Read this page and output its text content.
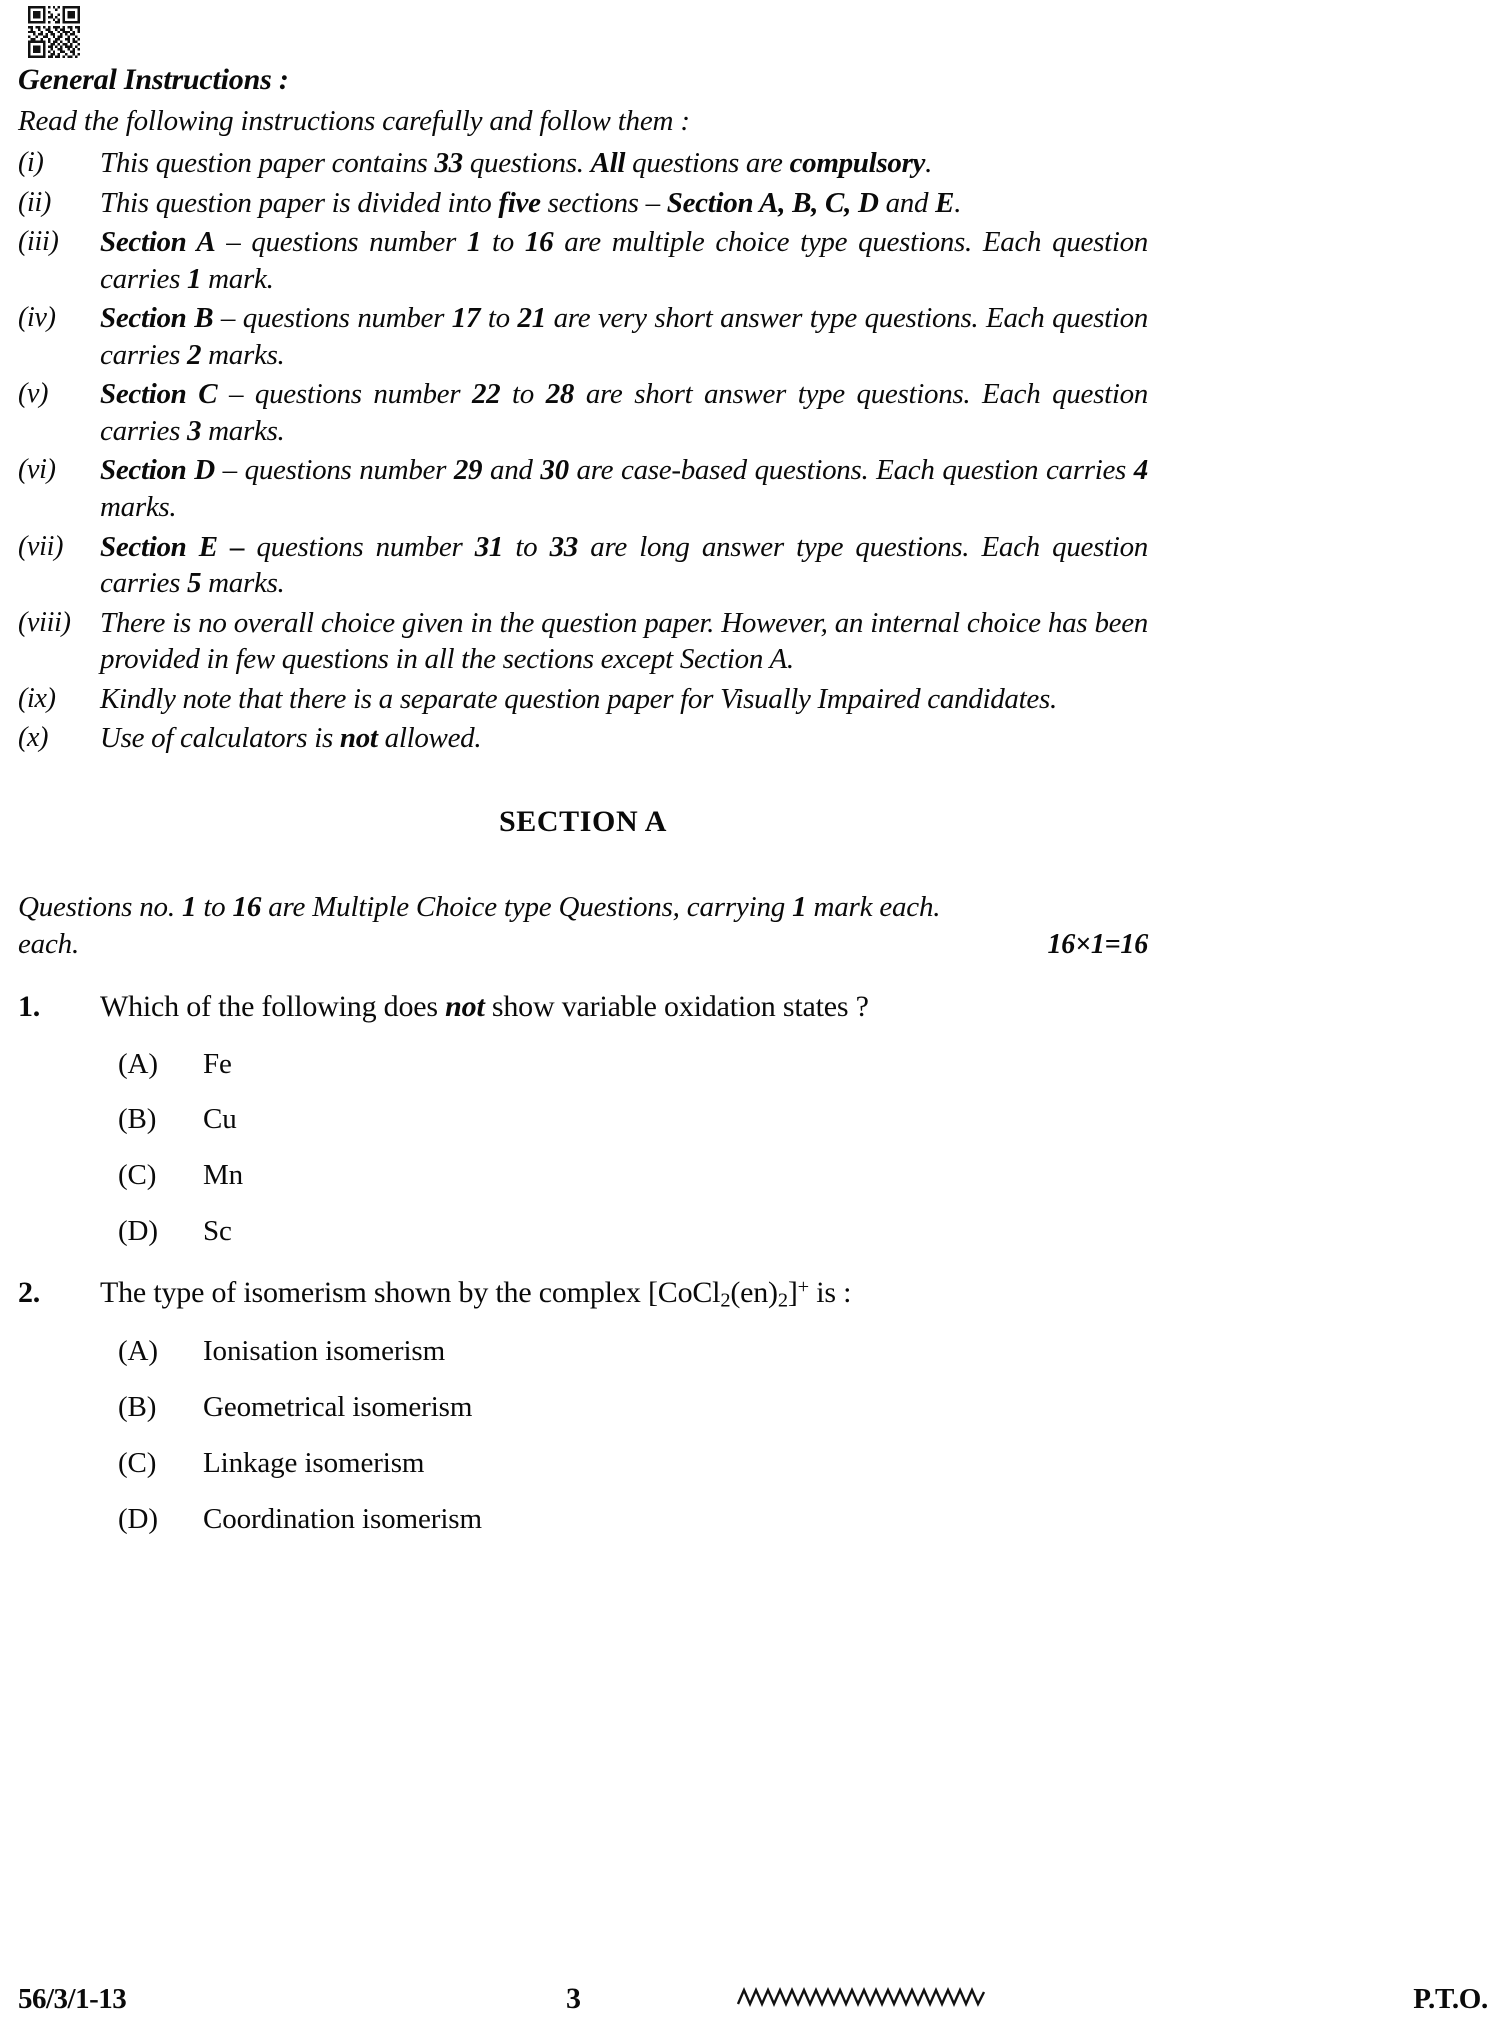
General Instructions :
Read the following instructions carefully and follow them :
(i)	This question paper contains 33 questions. All questions are compulsory.
(ii)	This question paper is divided into five sections – Section A, B, C, D and E.
(iii)	Section A – questions number 1 to 16 are multiple choice type questions. Each question carries 1 mark.
(iv)	Section B – questions number 17 to 21 are very short answer type questions. Each question carries 2 marks.
(v)	Section C – questions number 22 to 28 are short answer type questions. Each question carries 3 marks.
(vi)	Section D – questions number 29 and 30 are case-based questions. Each question carries 4 marks.
(vii)	Section E – questions number 31 to 33 are long answer type questions. Each question carries 5 marks.
(viii)	There is no overall choice given in the question paper. However, an internal choice has been provided in few questions in all the sections except Section A.
(ix)	Kindly note that there is a separate question paper for Visually Impaired candidates.
(x)	Use of calculators is not allowed.
SECTION A
Questions no. 1 to 16 are Multiple Choice type Questions, carrying 1 mark each.
each.	16×1=16
1.	Which of the following does not show variable oxidation states ?
(A)	Fe
(B)	Cu
(C)	Mn
(D)	Sc
2.	The type of isomerism shown by the complex $[CoCl_2(en)_2]^+$ is :
(A)	Ionisation isomerism
(B)	Geometrical isomerism
(C)	Linkage isomerism
(D)	Coordination isomerism
56/3/1-13	3	P.T.O.
